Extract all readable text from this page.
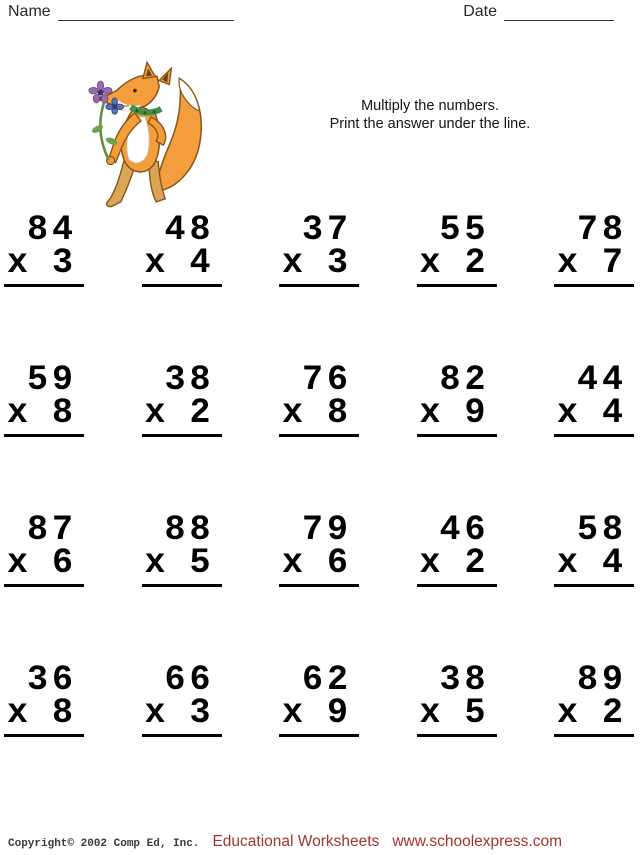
Name	Date
Multiply the numbers.
Print the answer under the line.
84
x 3
48
x 4
37
x 3
55
x 2
78
x 7
59
x 8
38
x 2
76
x 8
82
x 9
44
x 4
87
x 6
88
x 5
79
x 6
46
x 2
58
x 4
36
x 8
66
x 3
62
x 9
38
x 5
89
x 2
Copyright© 2002 Comp Ed, Inc. Educational Worksheets www.schoolexpress.com
